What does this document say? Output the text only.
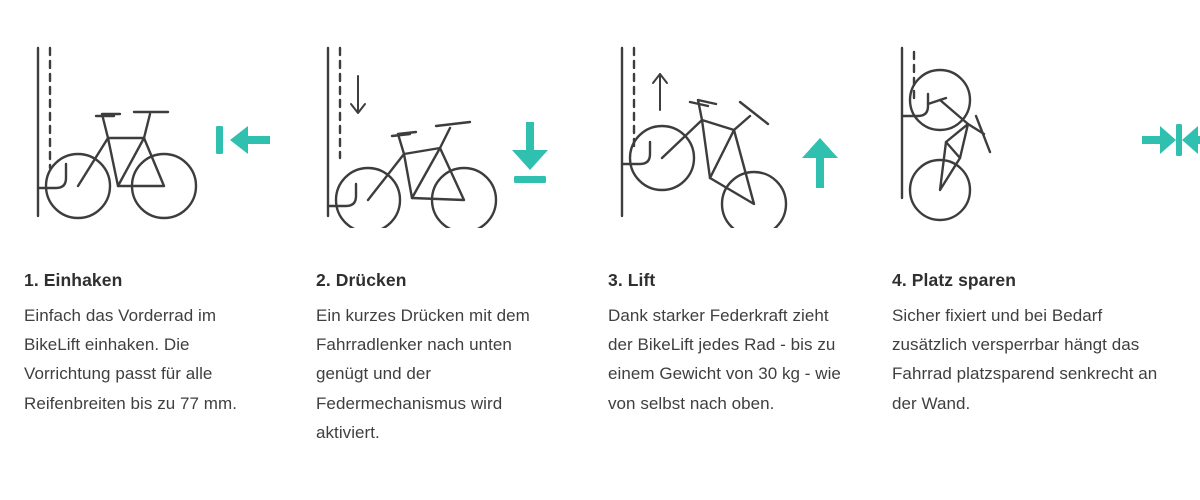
1. Einhaken

Einfach das Vorderrad im BikeLift einhaken. Die Vorrichtung passt für alle Reifenbreiten bis zu 77 mm.

2. Drücken

Ein kurzes Drücken mit dem Fahrradlenker nach unten genügt und der Federmechanismus wird aktiviert.

3. Lift

Dank starker Federkraft zieht der BikeLift jedes Rad - bis zu einem Gewicht von 30 kg - wie von selbst nach oben.

4. Platz sparen

Sicher fixiert und bei Bedarf zusätzlich versperrbar hängt das Fahrrad platzsparend senkrecht an der Wand.
